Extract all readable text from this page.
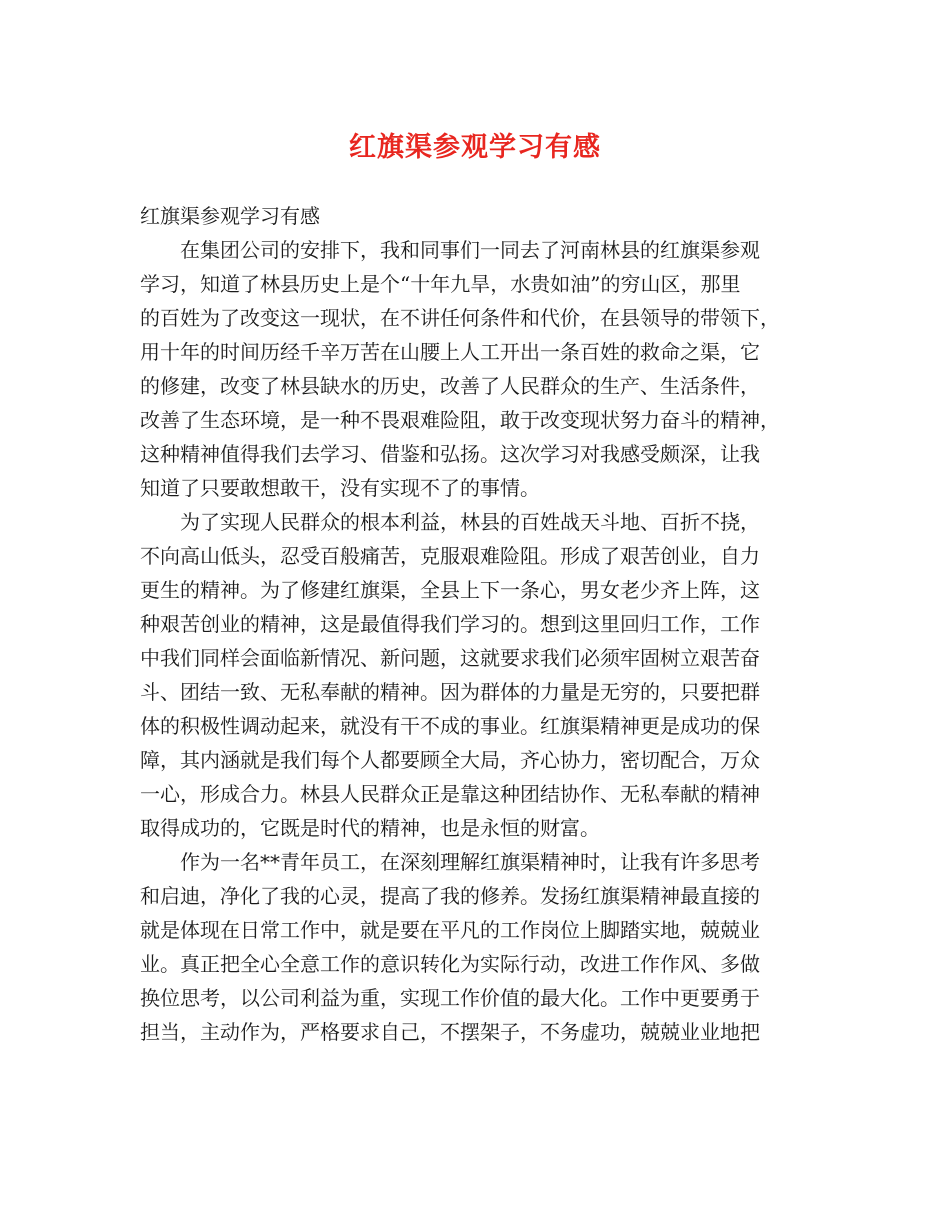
红旗渠参观学习有感
红旗渠参观学习有感
在集团公司的安排下，我和同事们一同去了河南林县的红旗渠参观
学习，知道了林县历史上是个“十年九旱，水贵如油”的穷山区，那里
的百姓为了改变这一现状，在不讲任何条件和代价，在县领导的带领下，
用十年的时间历经千辛万苦在山腰上人工开出一条百姓的救命之渠，它
的修建，改变了林县缺水的历史，改善了人民群众的生产、生活条件，
改善了生态环境，是一种不畏艰难险阻，敢于改变现状努力奋斗的精神，
这种精神值得我们去学习、借鉴和弘扬。这次学习对我感受颇深，让我
知道了只要敢想敢干，没有实现不了的事情。
为了实现人民群众的根本利益，林县的百姓战天斗地、百折不挠，
不向高山低头，忍受百般痛苦，克服艰难险阻。形成了艰苦创业，自力
更生的精神。为了修建红旗渠，全县上下一条心，男女老少齐上阵，这
种艰苦创业的精神，这是最值得我们学习的。想到这里回归工作，工作
中我们同样会面临新情况、新问题，这就要求我们必须牢固树立艰苦奋
斗、团结一致、无私奉献的精神。因为群体的力量是无穷的，只要把群
体的积极性调动起来，就没有干不成的事业。红旗渠精神更是成功的保
障，其内涵就是我们每个人都要顾全大局，齐心协力，密切配合，万众
一心，形成合力。林县人民群众正是靠这种团结协作、无私奉献的精神
取得成功的，它既是时代的精神，也是永恒的财富。
作为一名**青年员工，在深刻理解红旗渠精神时，让我有许多思考
和启迪，净化了我的心灵，提高了我的修养。发扬红旗渠精神最直接的
就是体现在日常工作中，就是要在平凡的工作岗位上脚踏实地，兢兢业
业。真正把全心全意工作的意识转化为实际行动，改进工作作风、多做
换位思考，以公司利益为重，实现工作价值的最大化。工作中更要勇于
担当，主动作为，严格要求自己，不摆架子，不务虚功，兢兢业业地把
